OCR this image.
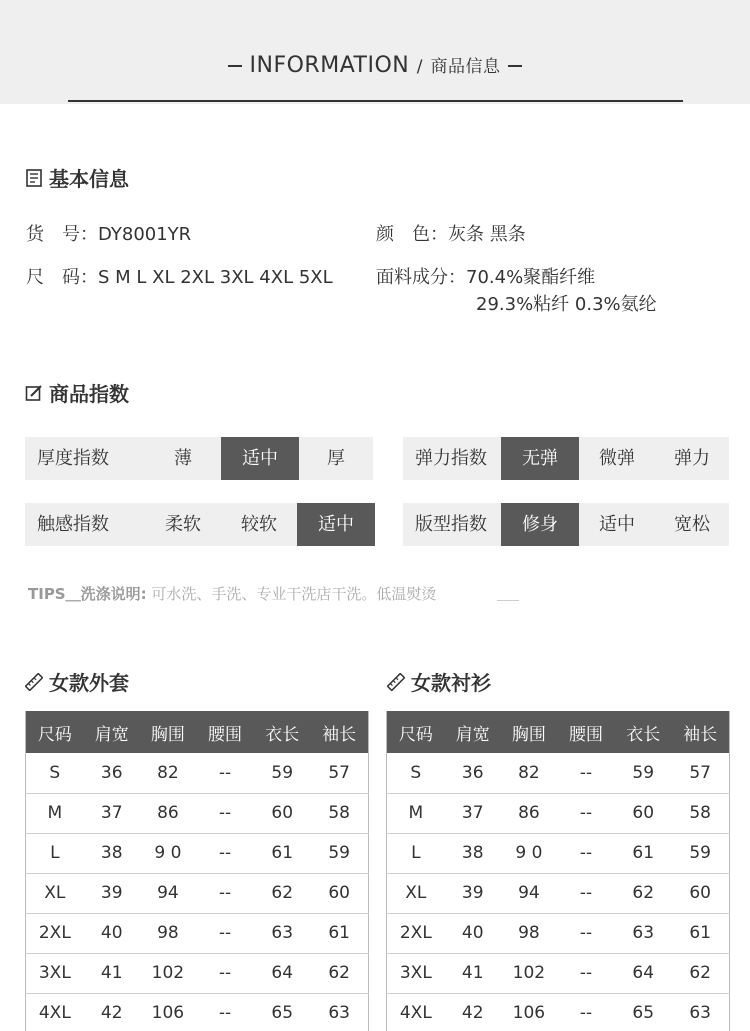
INFORMATION / 商品信息
基本信息
货　号：DY8001YR	颜　色：灰条 黑条
尺　码：S M L XL 2XL 3XL 4XL 5XL 面料成分：70.4%聚酯纤维
29.3%粘纤 0.3%氨纶
商品指数
厚度指数	薄	适中	厚	弹力指数	无弹	微弹	弹力
触感指数	柔软	较软	适中	版型指数	修身	适中	宽松
TIPS＿洗涤说明: 可水洗、手洗、专业干洗店干洗。低温熨烫
女款外套	女款衬衫
尺码	肩宽	胸围	腰围	衣长	袖长
S	36	82	--	59	57
M	37	86	--	60	58
L	38	9 0	--	61	59
XL	39	94	--	62	60
2XL	40	98	--	63	61
3XL	41	102	--	64	62
4XL	42	106	--	65	63
尺码	肩宽	胸围	腰围	衣长	袖长
S	36	82	--	59	57
M	37	86	--	60	58
L	38	9 0	--	61	59
XL	39	94	--	62	60
2XL	40	98	--	63	61
3XL	41	102	--	64	62
4XL	42	106	--	65	63
